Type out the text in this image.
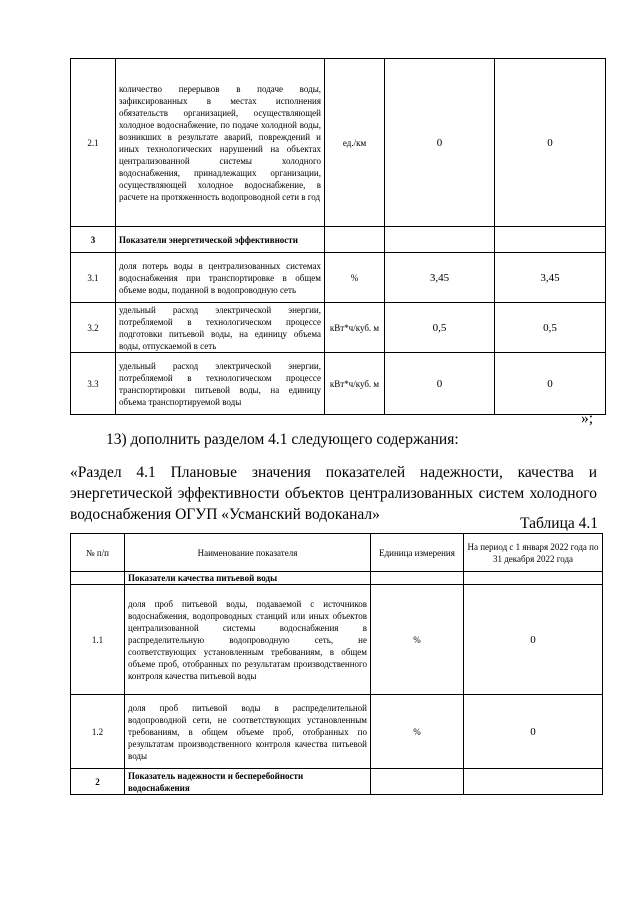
2.1	количество перерывов в подаче воды, зафиксированных в местах исполнения обязательств организацией, осуществляющей холодное водоснабжение, по подаче холодной воды, возникших в результате аварий, повреждений и иных технологических нарушений на объектах централизованной системы холодного водоснабжения, принадлежащих организации, осуществляющей холодное водоснабжение, в расчете на протяженность водопроводной сети в год	ед./км	0	0
3	Показатели энергетической эффективности			
3.1	доля потерь воды в централизованных системах водоснабжения при транспортировке в общем объеме воды, поданной в водопроводную сеть	%	3,45	3,45
3.2	удельный расход электрической энергии, потребляемой в технологическом процессе подготовки питьевой воды, на единицу объема воды, отпускаемой в сеть	кВт*ч/куб. м	0,5	0,5
3.3	удельный расход электрической энергии, потребляемой в технологическом процессе транспортировки питьевой воды, на единицу объема транспортируемой воды	кВт*ч/куб. м	0	0
»;
13) дополнить разделом 4.1 следующего содержания:
«Раздел 4.1 Плановые значения показателей надежности, качества и энергетической эффективности объектов централизованных систем холодного водоснабжения ОГУП «Усманский водоканал»
Таблица 4.1
№ п/п	Наименование показателя	Единица измерения	На период с 1 января 2022 года по 31 декабря 2022 года
	Показатели качества питьевой воды		
1.1	доля проб питьевой воды, подаваемой с источников водоснабжения, водопроводных станций или иных объектов централизованной системы водоснабжения в распределительную водопроводную сеть, не соответствующих установленным требованиям, в общем объеме проб, отобранных по результатам производственного контроля качества питьевой воды	%	0
1.2	доля проб питьевой воды в распределительной водопроводной сети, не соответствующих установленным требованиям, в общем объеме проб, отобранных по результатам производственного контроля качества питьевой воды	%	0
2	Показатель надежности и бесперебойности водоснабжения		
